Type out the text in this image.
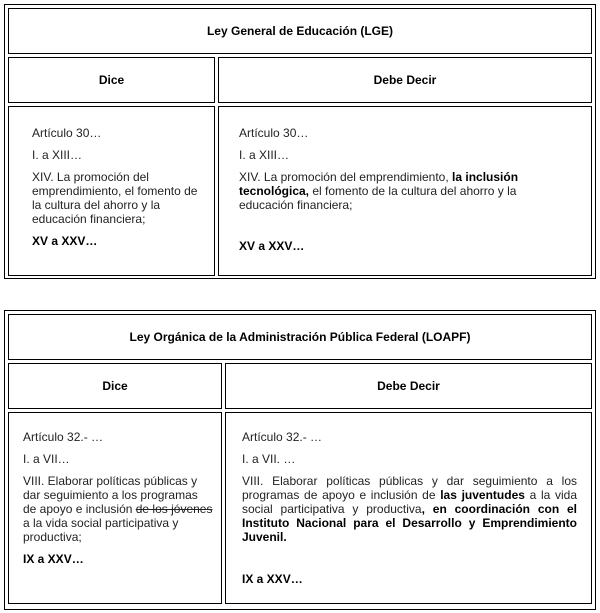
Ley General de Educación (LGE)
Dice	Debe Decir

Artículo 30…

I. a XIII…

XIV. La promoción del emprendimiento, el fomento de la cultura del ahorro y la educación financiera;

XV a XXV…

Artículo 30…

I. a XIII…

XIV. La promoción del emprendimiento, la inclusión tecnológica, el fomento de la cultura del ahorro y la educación financiera;

XV a XXV…

Ley Orgánica de la Administración Pública Federal (LOAPF)
Dice	Debe Decir

Artículo 32.- …

I. a VII…

VIII. Elaborar políticas públicas y dar seguimiento a los programas de apoyo e inclusión de los jóvenes a la vida social participativa y productiva;

IX a XXV…

Artículo 32.- …

I. a VII. …

VIII. Elaborar políticas públicas y dar seguimiento a los programas de apoyo e inclusión de las juventudes a la vida social participativa y productiva, en coordinación con el Instituto Nacional para el Desarrollo y Emprendimiento Juvenil.

IX a XXV…
